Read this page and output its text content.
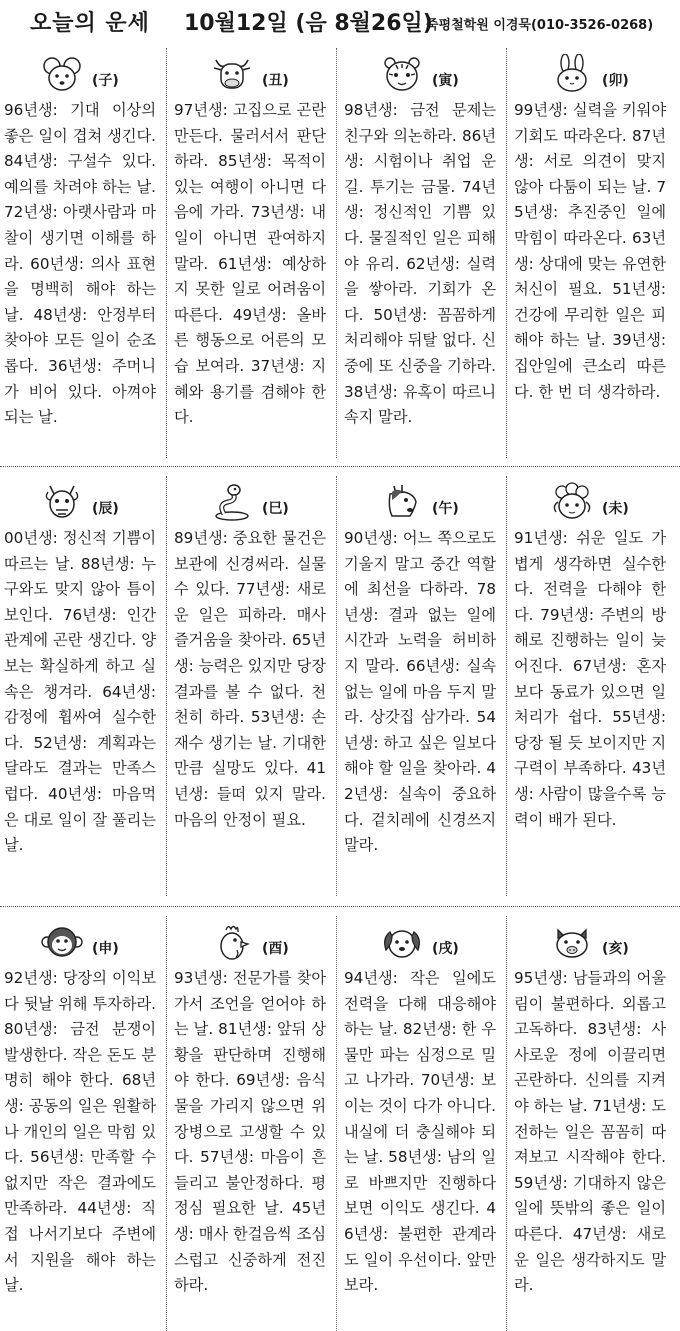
오늘의 운세 10월12일 (음 8월26일)
죽평철학원 이경묵(010-3526-0268)
(子)
96년생: 기대 이상의 좋은 일이 겹쳐 생긴다. 84년생: 구설수 있다. 예의를 차려야 하는 날. 72년생: 아랫사람과 마찰이 생기면 이해를 하라. 60년생: 의사 표현을 명백히 해야 하는 날. 48년생: 안정부터 찾아야 모든 일이 순조롭다. 36년생: 주머니가 비어 있다. 아껴야 되는 날.
(丑)
97년생: 고집으로 곤란 만든다. 물러서서 판단하라. 85년생: 목적이 있는 여행이 아니면 다음에 가라. 73년생: 내 일이 아니면 관여하지 말라. 61년생: 예상하지 못한 일로 어려움이 따른다. 49년생: 올바른 행동으로 어른의 모습 보여라. 37년생: 지혜와 용기를 겸해야 한다.
(寅)
98년생: 금전 문제는 친구와 의논하라. 86년생: 시험이나 취업 운 길. 투기는 금물. 74년생: 정신적인 기쁨 있다. 물질적인 일은 피해야 유리. 62년생: 실력을 쌓아라. 기회가 온다. 50년생: 꼼꼼하게 처리해야 뒤탈 없다. 신중에 또 신중을 기하라. 38년생: 유혹이 따르니 속지 말라.
(卯)
99년생: 실력을 키워야 기회도 따라온다. 87년생: 서로 의견이 맞지 않아 다툼이 되는 날. 75년생: 추진중인 일에 막힘이 따라온다. 63년생: 상대에 맞는 유연한 처신이 필요. 51년생: 건강에 무리한 일은 피해야 하는 날. 39년생: 집안일에 큰소리 따른다. 한 번 더 생각하라.
(辰)
00년생: 정신적 기쁨이 따르는 날. 88년생: 누구와도 맞지 않아 틈이 보인다. 76년생: 인간관계에 곤란 생긴다. 양보는 확실하게 하고 실속은 챙겨라. 64년생: 감정에 휩싸여 실수한다. 52년생: 계획과는 달라도 결과는 만족스럽다. 40년생: 마음먹은 대로 일이 잘 풀리는 날.
(巳)
89년생: 중요한 물건은 보관에 신경써라. 실물수 있다. 77년생: 새로운 일은 피하라. 매사 즐거움을 찾아라. 65년생: 능력은 있지만 당장 결과를 볼 수 없다. 천천히 하라. 53년생: 손재수 생기는 날. 기대한 만큼 실망도 있다. 41년생: 들떠 있지 말라. 마음의 안정이 필요.
(午)
90년생: 어느 쪽으로도 기울지 말고 중간 역할에 최선을 다하라. 78년생: 결과 없는 일에 시간과 노력을 허비하지 말라. 66년생: 실속 없는 일에 마음 두지 말라. 상갓집 삼가라. 54년생: 하고 싶은 일보다 해야 할 일을 찾아라. 42년생: 실속이 중요하다. 겉치레에 신경쓰지 말라.
(未)
91년생: 쉬운 일도 가볍게 생각하면 실수한다. 전력을 다해야 한다. 79년생: 주변의 방해로 진행하는 일이 늦어진다. 67년생: 혼자보다 동료가 있으면 일처리가 쉽다. 55년생: 당장 될 듯 보이지만 지구력이 부족하다. 43년생: 사람이 많을수록 능력이 배가 된다.
(申)
92년생: 당장의 이익보다 뒷날 위해 투자하라. 80년생: 금전 분쟁이 발생한다. 작은 돈도 분명히 해야 한다. 68년생: 공동의 일은 원활하나 개인의 일은 막힘 있다. 56년생: 만족할 수 없지만 작은 결과에도 만족하라. 44년생: 직접 나서기보다 주변에서 지원을 해야 하는 날.
(酉)
93년생: 전문가를 찾아가서 조언을 얻어야 하는 날. 81년생: 앞뒤 상황을 판단하며 진행해야 한다. 69년생: 음식물을 가리지 않으면 위장병으로 고생할 수 있다. 57년생: 마음이 흔들리고 불안정하다. 평정심 필요한 날. 45년생: 매사 한걸음씩 조심스럽고 신중하게 전진하라.
(戌)
94년생: 작은 일에도 전력을 다해 대응해야 하는 날. 82년생: 한 우물만 파는 심정으로 밀고 나가라. 70년생: 보이는 것이 다가 아니다. 내실에 더 충실해야 되는 날. 58년생: 남의 일로 바쁘지만 진행하다보면 이익도 생긴다. 46년생: 불편한 관계라도 일이 우선이다. 앞만 보라.
(亥)
95년생: 남들과의 어울림이 불편하다. 외롭고 고독하다. 83년생: 사사로운 정에 이끌리면 곤란하다. 신의를 지켜야 하는 날. 71년생: 도전하는 일은 꼼꼼히 따져보고 시작해야 한다. 59년생: 기대하지 않은 일에 뜻밖의 좋은 일이 따른다. 47년생: 새로운 일은 생각하지도 말라.
